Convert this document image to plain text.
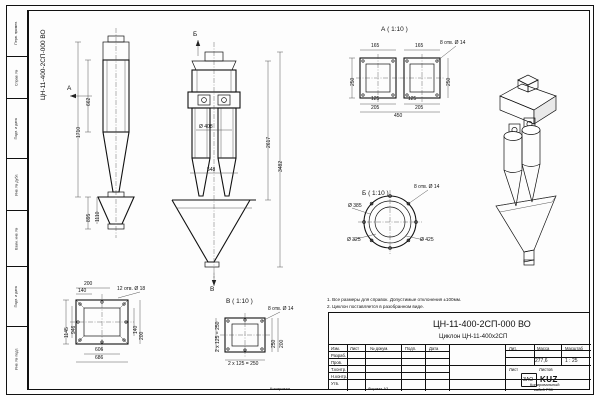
Перв. примен.
Справ. №
Подп. и дата
Инв. № дубл.
Взам. инв. №
Подп. и дата
Инв. № подл.
ЦН-11-400-2СП-000 ВО	А
662
1710
1110
895
Б
В
Ø 408
548
2617
3482
А ( 1:10 )
165	165
250	250
205	205
450
125	125
8 отв. Ø 14
Б ( 1:10 )
8 отв. Ø 14
Ø 385
Ø 325	Ø 425
200
140	12 отв. Ø 18
1145 946	140
200
606
686
В ( 1:10 )
8 отв. Ø 14
2 х 125 = 250
250 200
2 х 125 = 250
1. Все размеры для справок. Допустимые отклонения ±100мм.
2. Циклон поставляется в разобранном виде.
ЦН-11-400-2СП-000 ВО
Циклон ЦН-11-400х2СП
Изм. Лист	№ докум.	Подп.	Дата
Разраб.
Пров.
Т.контр.
Н.контр.
Утв.
Лит.	Масса	Масштаб
277,6	1 : 25
Лист	Листов
KUZ
ЗАО
Копировал
Копировальный
кабей Р30
Формат A3
